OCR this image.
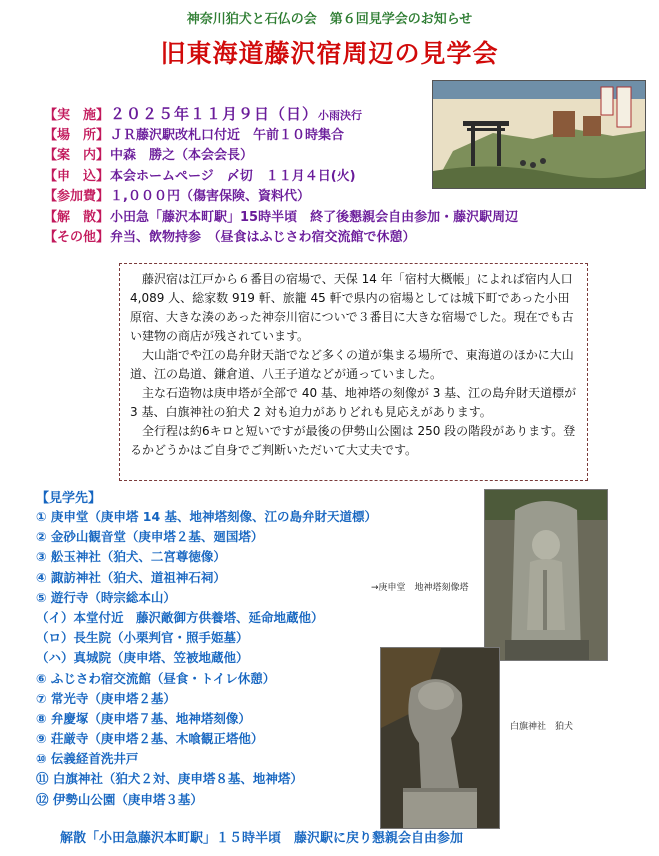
神奈川狛犬と石仏の会　第６回見学会のお知らせ
旧東海道藤沢宿周辺の見学会
【実　施】２０２５年１１月９日（日）小雨決行
【場　所】ＪＲ藤沢駅改札口付近　午前１０時集合
【案　内】中森　勝之（本会会長）
【申　込】本会ホームページ　〆切　１１月４日(火)
【参加費】１,０００円（傷害保険、資料代）
【解　散】小田急「藤沢本町駅」15時半頃　終了後懇親会自由参加・藤沢駅周辺
【その他】弁当、飲物持参　（昼食はふじさわ宿交流館で休憩）

藤沢宿は江戸から６番目の宿場で、天保 14 年「宿村大概帳」によれば宿内人口 4,089 人、総家数 919 軒、旅籠 45 軒で県内の宿場としては城下町であった小田原宿、大きな湊のあった神奈川宿についで３番目に大きな宿場でした。現在でも古い建物の商店が残されています。

大山詣でや江の島弁財天詣でなど多くの道が集まる場所で、東海道のほかに大山道、江の島道、鎌倉道、八王子道などが通っていました。

主な石造物は庚申塔が全部で 40 基、地神塔の刻像が 3 基、江の島弁財天道標が 3 基、白旗神社の狛犬 2 対も迫力がありどれも見応えがあります。

全行程は約6キロと短いですが最後の伊勢山公園は 250 段の階段があります。登るかどうかはご自身でご判断いただいて大丈夫です。

【見学先】
① 庚申堂（庚申塔 14 基、地神塔刻像、江の島弁財天道標）
② 金砂山観音堂（庚申塔２基、廻国塔）
③ 舩玉神社（狛犬、二宮尊徳像）
④ 諏訪神社（狛犬、道祖神石祠）
⑤ 遊行寺（時宗総本山）
（イ）本堂付近　藤沢敵御方供養塔、延命地蔵他）
（ロ）長生院（小栗判官・照手姫墓）
（ハ）真城院（庚申塔、笠被地蔵他）
⑥ ふじさわ宿交流館（昼食・トイレ休憩）
⑦ 常光寺（庚申塔２基）
⑧ 弁慶塚（庚申塔７基、地神塔刻像）
⑨ 荘厳寺（庚申塔２基、木喰観正塔他）
⑩ 伝義経首洗井戸
⑪ 白旗神社（狛犬２対、庚申塔８基、地神塔）
⑫ 伊勢山公園（庚申塔３基）
→庚申堂　地神塔刻像塔
白旗神社　狛犬
解散「小田急藤沢本町駅」１５時半頃　藤沢駅に戻り懇親会自由参加
